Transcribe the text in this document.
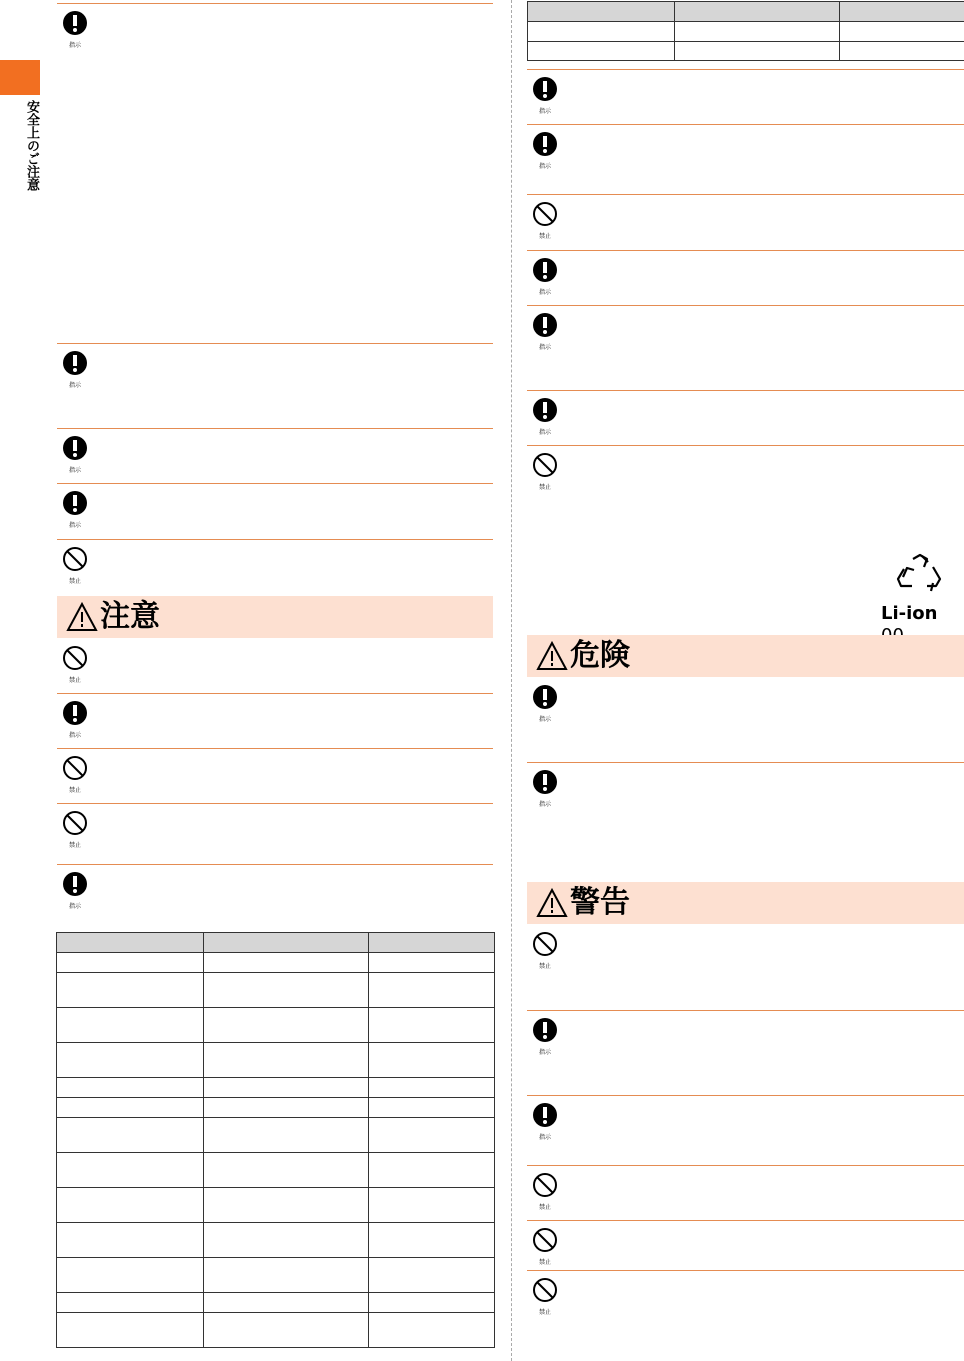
安全上のご注意
指示
指示
指示
指示
禁止
注意
禁止
指示
禁止
禁止
指示

指示
指示
禁止
指示
指示
指示
禁止
Li-ion
危険
指示
指示
警告
禁止
指示
指示
禁止
禁止
禁止
